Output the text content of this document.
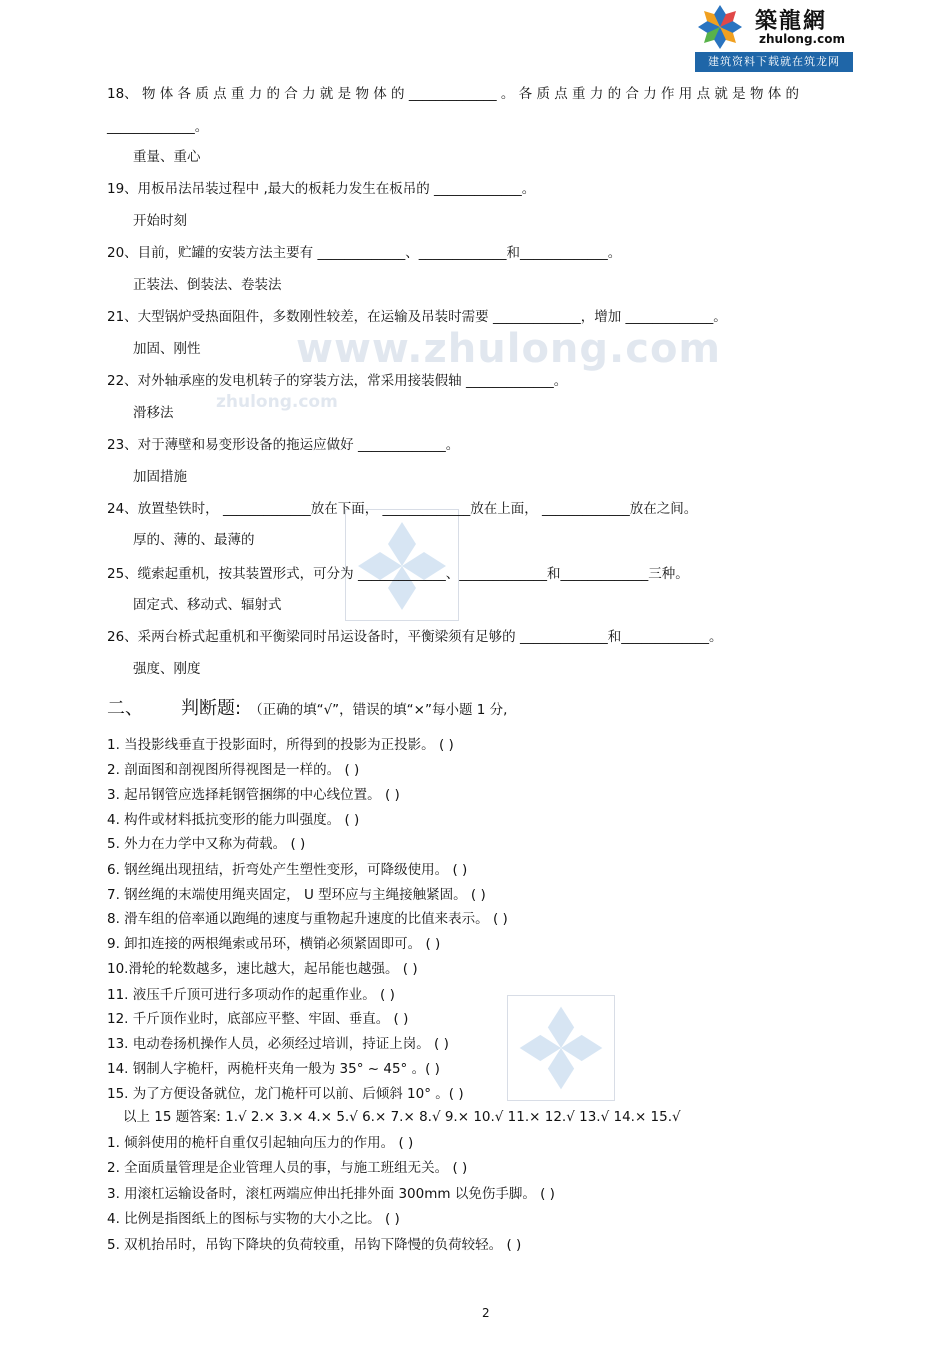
築龍網
zhulong.com
建筑资料下载就在筑龙网
www.zhulong.com
zhulong.com
18、 物 体 各 质 点 重 力 的 合 力 就 是 物 体 的 _____________ 。 各 质 点 重 力 的 合 力 作 用 点 就 是 物 体 的
_____________。
重量、重心
19、用板吊法吊装过程中 ,最大的板耗力发生在板吊的 _____________。
开始时刻
20、目前，贮罐的安装方法主要有 _____________、_____________和_____________。
正装法、倒装法、卷装法
21、大型锅炉受热面阻件，多数刚性较差，在运输及吊装时需要 _____________，增加 _____________。
加固、刚性
22、对外轴承座的发电机转子的穿装方法，常采用接装假轴 _____________。
滑移法
23、对于薄壁和易变形设备的拖运应做好 _____________。
加固措施
24、放置垫铁时， _____________放在下面， _____________放在上面， _____________放在之间。
厚的、薄的、最薄的
25、缆索起重机，按其装置形式，可分为 _____________、_____________和_____________三种。
固定式、移动式、辐射式
26、采两台桥式起重机和平衡梁同时吊运设备时，平衡梁须有足够的 _____________和_____________。
强度、刚度
二、 判断题: （正确的填“√”，错误的填“×”每小题 1 分,
1. 当投影线垂直于投影面时，所得到的投影为正投影。 ( )
2. 剖面图和剖视图所得视图是一样的。 ( )
3. 起吊钢管应选择耗钢管捆绑的中心线位置。 ( )
4. 构件或材料抵抗变形的能力叫强度。 ( )
5. 外力在力学中又称为荷载。 ( )
6. 钢丝绳出现扭结，折弯处产生塑性变形，可降级使用。 ( )
7. 钢丝绳的末端使用绳夹固定， U 型环应与主绳接触紧固。 ( )
8. 滑车组的倍率通以跑绳的速度与重物起升速度的比值来表示。 ( )
9. 卸扣连接的两根绳索或吊环，横销必须紧固即可。 ( )
10.滑轮的轮数越多，速比越大，起吊能也越强。 ( )
11. 液压千斤顶可进行多项动作的起重作业。 ( )
12. 千斤顶作业时，底部应平整、牢固、垂直。 ( )
13. 电动卷扬机操作人员，必须经过培训，持证上岗。 ( )
14. 钢制人字桅杆，两桅杆夹角一般为 35° ~ 45° 。( )
15. 为了方便设备就位，龙门桅杆可以前、后倾斜 10° 。( )
以上 15 题答案: 1.√ 2.× 3.× 4.× 5.√ 6.× 7.× 8.√ 9.× 10.√ 11.× 12.√ 13.√ 14.× 15.√
1. 倾斜使用的桅杆自重仅引起轴向压力的作用。 ( )
2. 全面质量管理是企业管理人员的事，与施工班组无关。 ( )
3. 用滚杠运输设备时，滚杠两端应伸出托排外面 300mm 以免伤手脚。 ( )
4. 比例是指图纸上的图标与实物的大小之比。 ( )
5. 双机抬吊时，吊钩下降块的负荷较重，吊钩下降慢的负荷较轻。 ( )
2
